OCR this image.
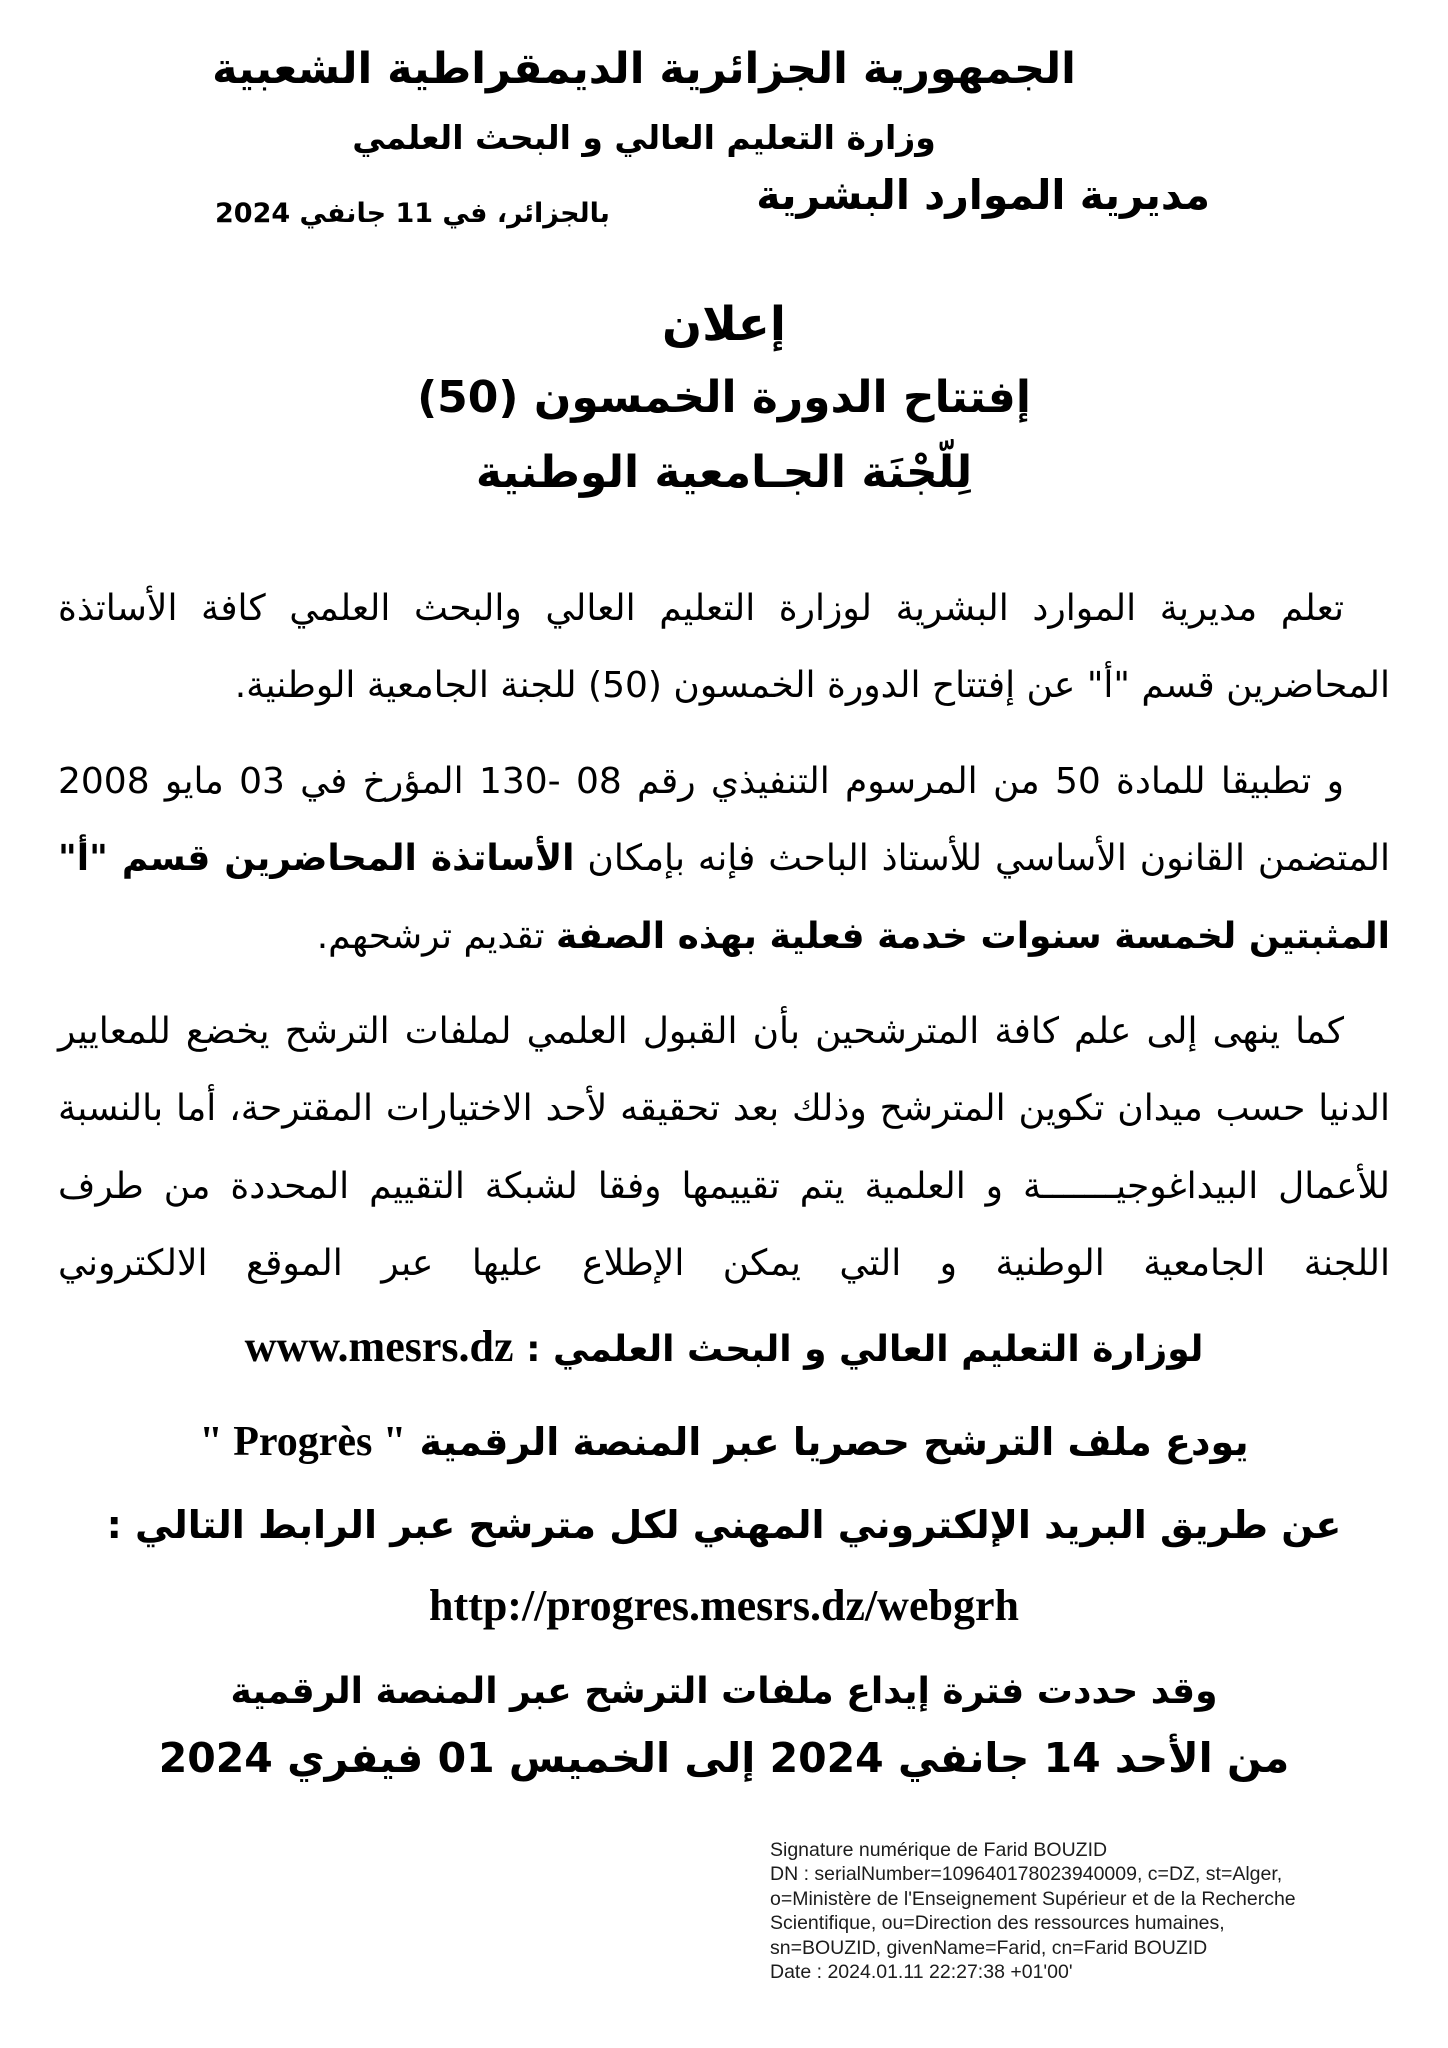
الجمهورية الجزائرية الديمقراطية الشعبية
وزارة التعليم العالي و البحث العلمي
مديرية الموارد البشرية
بالجزائر، في 11 جانفي 2024
إعلان
إفتتاح الدورة الخمسون (50)
لِلّجْنَة الجـامعية الوطنية

تعلم مديرية الموارد البشرية لوزارة التعليم العالي والبحث العلمي كافة الأساتذة المحاضرين قسم "أ" عن إفتتاح الدورة الخمسون (50) للجنة الجامعية الوطنية.

و تطبيقا للمادة 50 من المرسوم التنفيذي رقم 08 -130 المؤرخ في 03 مايو 2008 المتضمن القانون الأساسي للأستاذ الباحث فإنه بإمكان الأساتذة المحاضرين قسم "أ" المثبتين لخمسة سنوات خدمة فعلية بهذه الصفة تقديم ترشحهم.

كما ينهى إلى علم كافة المترشحين بأن القبول العلمي لملفات الترشح يخضع للمعايير الدنيا حسب ميدان تكوين المترشح وذلك بعد تحقيقه لأحد الاختيارات المقترحة، أما بالنسبة للأعمال البيداغوجيـــــــة و العلمية يتم تقييمها وفقا لشبكة التقييم المحددة من طرف اللجنة الجامعية الوطنية و التي يمكن الإطلاع عليها عبر الموقع الالكتروني

لوزارة التعليم العالي و البحث العلمي : www.mesrs.dz
يودع ملف الترشح حصريا عبر المنصة الرقمية " Progrès "
عن طريق البريد الإلكتروني المهني لكل مترشح عبر الرابط التالي :
http://progres.mesrs.dz/webgrh
وقد حددت فترة إيداع ملفات الترشح عبر المنصة الرقمية
من الأحد 14 جانفي 2024 إلى الخميس 01 فيفري 2024
Signature numérique de Farid BOUZID
DN : serialNumber=109640178023940009, c=DZ, st=Alger,
o=Ministère de l'Enseignement Supérieur et de la Recherche
Scientifique, ou=Direction des ressources humaines,
sn=BOUZID, givenName=Farid, cn=Farid BOUZID
Date : 2024.01.11 22:27:38 +01'00'
